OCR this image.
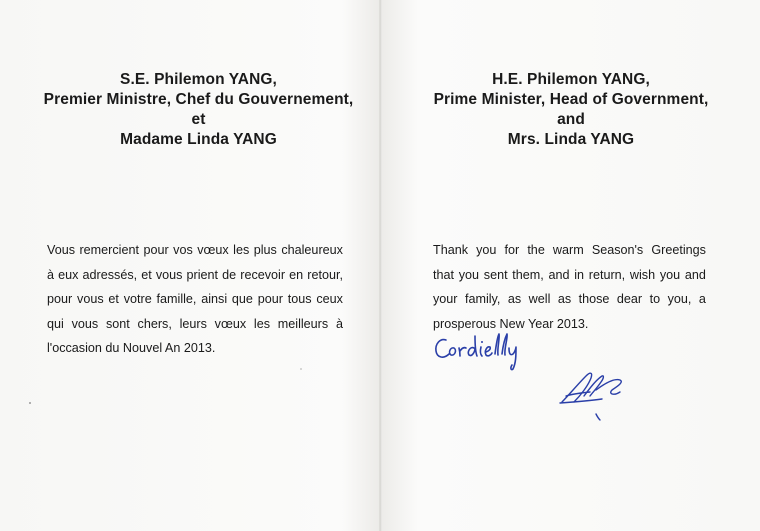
S.E. Philemon YANG,
Premier Ministre, Chef du Gouvernement,
et
Madame Linda YANG
Vous remercient pour vos vœux les plus chaleureux
à eux adressés, et vous prient de recevoir en retour,
pour vous et votre famille, ainsi que pour tous ceux
qui vous sont chers, leurs vœux les meilleurs à
l'occasion du Nouvel An 2013.
H.E. Philemon YANG,
Prime Minister, Head of Government,
and
Mrs. Linda YANG
Thank you for the warm Season's Greetings
that you sent them, and in return, wish you and
your family, as well as those dear to you, a
prosperous New Year 2013.
